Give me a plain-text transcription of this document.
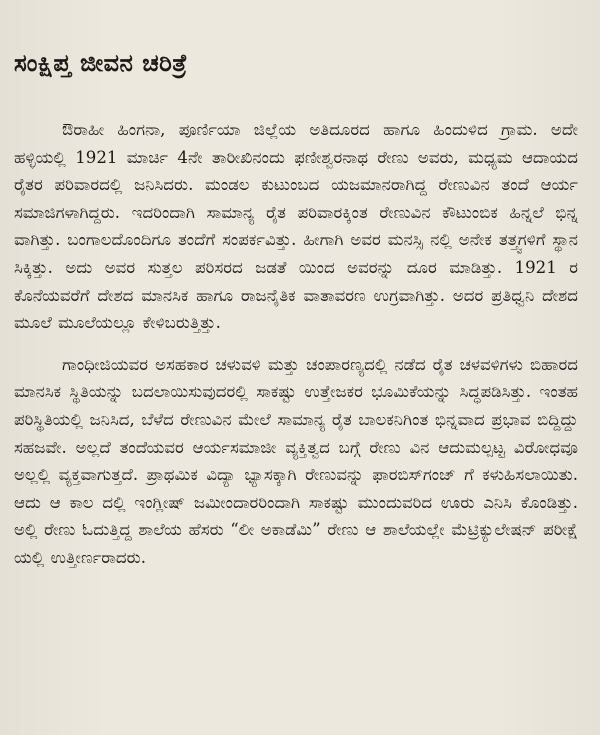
ಸಂಕ್ಷಿಪ್ತ ಜೀವನ ಚರಿತ್ರೆ

ಔರಾಹೀ ಹಿಂಗನಾ, ಪೂರ್ಣಿಯಾ ಜಿಲ್ಲೆಯ ಅತಿದೂರದ ಹಾಗೂ ಹಿಂದುಳಿದ ಗ್ರಾಮ. ಅದೇ ಹಳ್ಳಿಯಲ್ಲಿ 1921 ಮಾರ್ಚಿ 4ನೇ ತಾರೀಖಿನಂದು ಫಣೀಶ್ವರನಾಥ ರೇಣು ಅವರು, ಮಧ್ಯಮ ಆದಾಯದ ರೈತರ ಪರಿವಾರದಲ್ಲಿ ಜನಿಸಿದರು. ಮಂಡಲ ಕುಟುಂಬದ ಯಜಮಾನರಾಗಿದ್ದ ರೇಣುವಿನ ತಂದೆ ಆರ್ಯ ಸಮಾಜಿಗಳಾಗಿದ್ದರು. ಇದರಿಂದಾಗಿ ಸಾಮಾನ್ಯ ರೈತ ಪರಿವಾರಕ್ಕಿಂತ ರೇಣುವಿನ ಕೌಟುಂಬಿಕ ಹಿನ್ನಲೆ ಭಿನ್ನ ವಾಗಿತ್ತು. ಬಂಗಾಲದೊಂದಿಗೂ ತಂದೆಗೆ ಸಂಪರ್ಕವಿತ್ತು. ಹೀಗಾಗಿ ಅವರ ಮನಸ್ಸಿ ನಲ್ಲಿ ಅನೇಕ ತತ್ತ್ವಗಳಿಗೆ ಸ್ಥಾನ ಸಿಕ್ಕಿತ್ತು. ಅದು ಅವರ ಸುತ್ತಲ ಪರಿಸರದ ಜಡತೆ ಯಿಂದ ಅವರನ್ನು ದೂರ ಮಾಡಿತ್ತು. 1921 ರ ಕೊನೆಯವರೆಗೆ ದೇಶದ ಮಾನಸಿಕ ಹಾಗೂ ರಾಜನೈತಿಕ ವಾತಾವರಣ ಉಗ್ರವಾಗಿತ್ತು. ಅದರ ಪ್ರತಿಧ್ವನಿ ದೇಶದ ಮೂಲೆ ಮೂಲೆಯಲ್ಲೂ ಕೇಳಿಬರುತ್ತಿತ್ತು.

ಗಾಂಧೀಜಿಯವರ ಅಸಹಕಾರ ಚಳುವಳಿ ಮತ್ತು ಚಂಪಾರಣ್ಯದಲ್ಲಿ ನಡೆದ ರೈತ ಚಳವಳಿಗಳು ಬಿಹಾರದ ಮಾನಸಿಕ ಸ್ಥಿತಿಯನ್ನು ಬದಲಾಯಿಸುವುದರಲ್ಲಿ ಸಾಕಷ್ಟು ಉತ್ತೇಜಕರ ಭೂಮಿಕೆಯನ್ನು ಸಿದ್ಧಪಡಿಸಿತ್ತು. ಇಂತಹ ಪರಿಸ್ಥಿತಿಯಲ್ಲಿ ಜನಿಸಿದ, ಬೆಳೆದ ರೇಣುವಿನ ಮೇಲೆ ಸಾಮಾನ್ಯ ರೈತ ಬಾಲಕನಿಗಿಂತ ಭಿನ್ನವಾದ ಪ್ರಭಾವ ಬಿದ್ದಿದ್ದು ಸಹಜವೇ. ಅಲ್ಲದೆ ತಂದೆಯವರ ಆರ್ಯಸಮಾಜೀ ವ್ಯಕ್ತಿತ್ವದ ಬಗ್ಗೆ ರೇಣು ವಿನ ಆದುಮಲ್ಪಟ್ಟ ವಿರೋಧವೂ ಅಲ್ಲಲ್ಲಿ ವ್ಯಕ್ತವಾಗುತ್ತದೆ. ಪ್ರಾಥಮಿಕ ವಿದ್ಯಾ ಭ್ಯಾಸಕ್ಕಾಗಿ ರೇಣುವನ್ನು ಫಾರಬಿಸ್‌ಗಂಜ್ ಗೆ ಕಳುಹಿಸಲಾಯಿತು. ಆದು ಆ ಕಾಲ ದಲ್ಲಿ ಇಂಗ್ಲೀಷ್ ಜಮೀಂದಾರರಿಂದಾಗಿ ಸಾಕಷ್ಟು ಮುಂದುವರಿದ ಊರು ಎನಿಸಿ ಕೊಂಡಿತ್ತು. ಅಲ್ಲಿ ರೇಣು ಓದುತ್ತಿದ್ದ ಶಾಲೆಯ ಹೆಸರು “ಲೀ ಅಕಾಡೆಮಿ” ರೇಣು ಆ ಶಾಲೆಯಲ್ಲೇ ಮೆಟ್ರಿಕ್ಯುಲೇಷನ್ ಪರೀಕ್ಷೆ ಯಲ್ಲಿ ಉತ್ತೀರ್ಣರಾದರು.
